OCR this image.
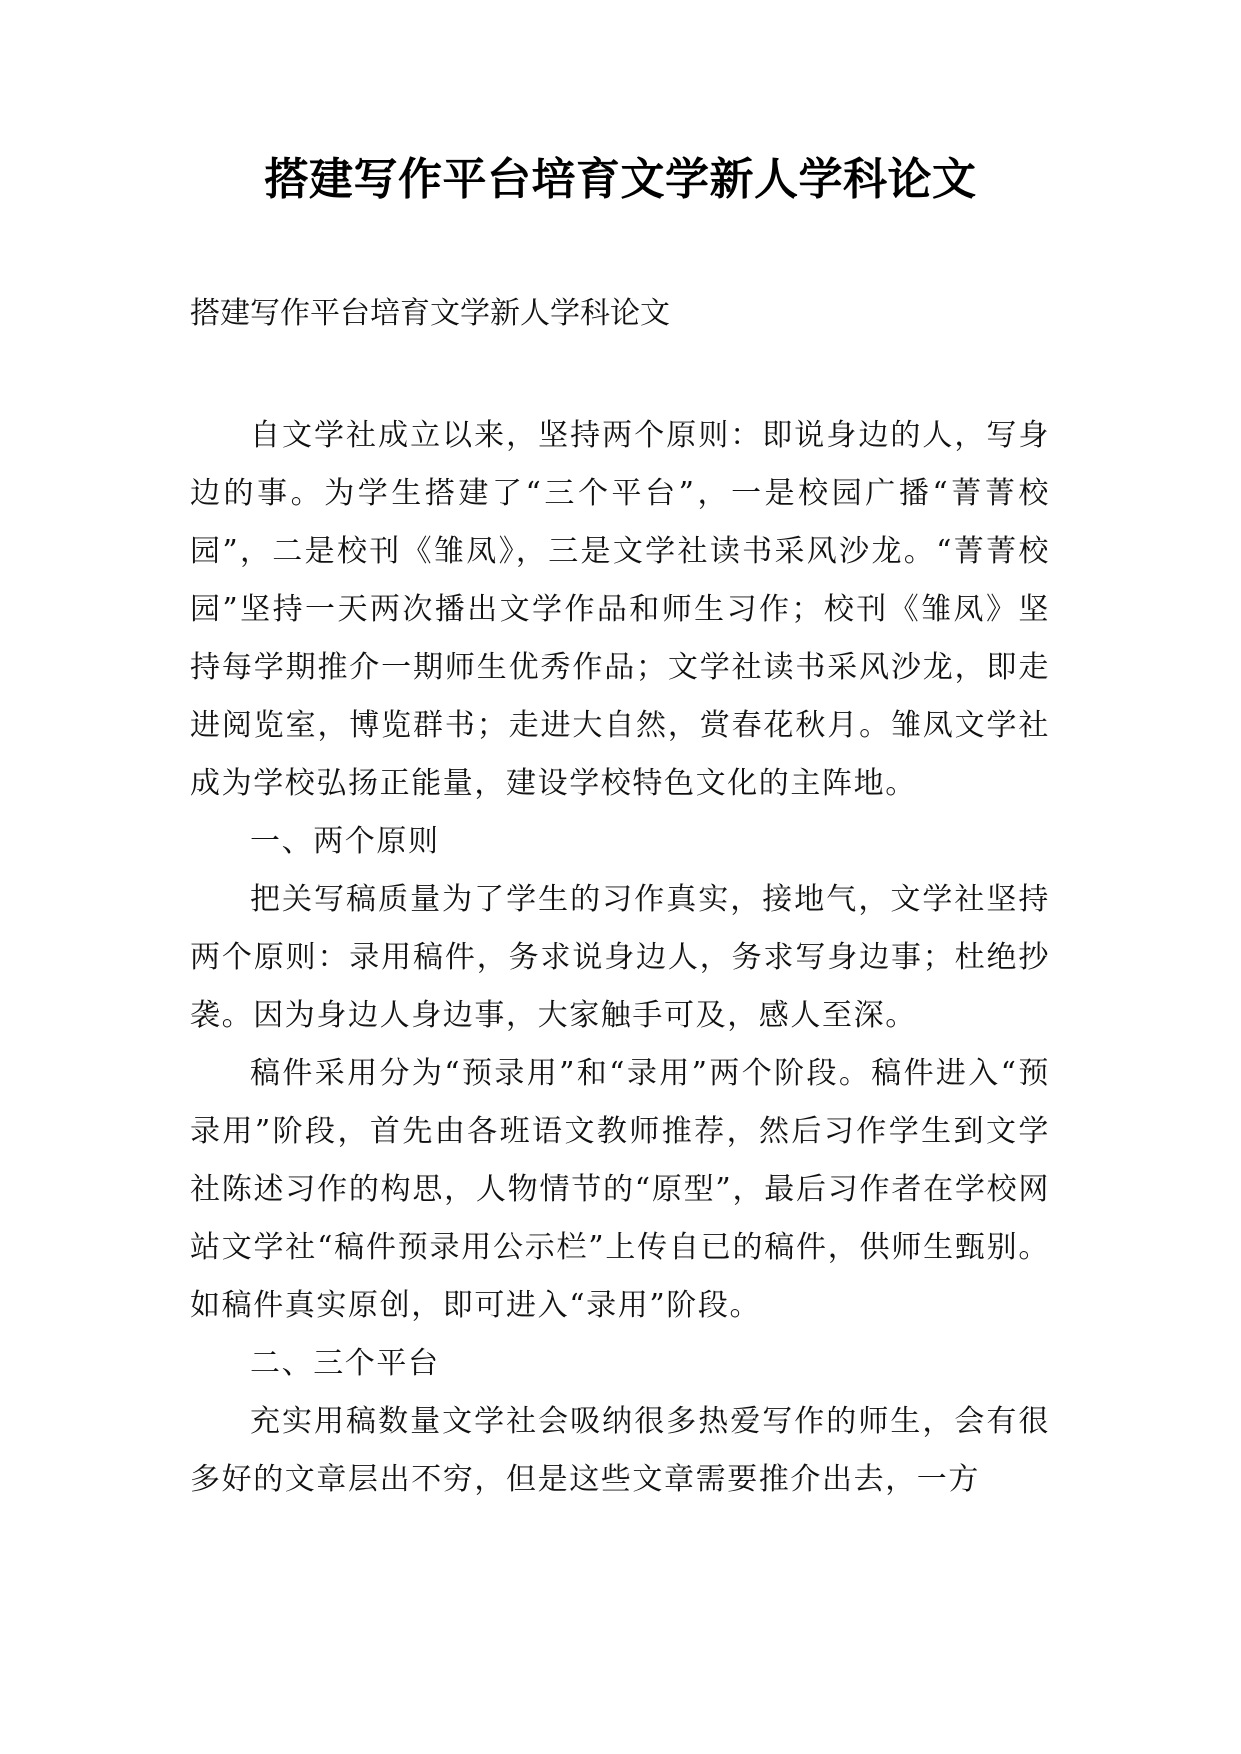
搭建写作平台培育文学新人学科论文
搭建写作平台培育文学新人学科论文

自文学社成立以来，坚持两个原则：即说身边的人，写身边的事。为学生搭建了“三个平台”，一是校园广播“菁菁校园”，二是校刊《雏凤》，三是文学社读书采风沙龙。“菁菁校园”坚持一天两次播出文学作品和师生习作；校刊《雏凤》坚持每学期推介一期师生优秀作品；文学社读书采风沙龙，即走进阅览室，博览群书；走进大自然，赏春花秋月。雏凤文学社成为学校弘扬正能量，建设学校特色文化的主阵地。

一、两个原则

把关写稿质量为了学生的习作真实，接地气，文学社坚持两个原则：录用稿件，务求说身边人，务求写身边事；杜绝抄袭。因为身边人身边事，大家触手可及，感人至深。

稿件采用分为“预录用”和“录用”两个阶段。稿件进入“预录用”阶段，首先由各班语文教师推荐，然后习作学生到文学社陈述习作的构思，人物情节的“原型”，最后习作者在学校网站文学社“稿件预录用公示栏”上传自已的稿件，供师生甄别。如稿件真实原创，即可进入“录用”阶段。

二、三个平台

充实用稿数量文学社会吸纳很多热爱写作的师生，会有很多好的文章层出不穷，但是这些文章需要推介出去，一方
